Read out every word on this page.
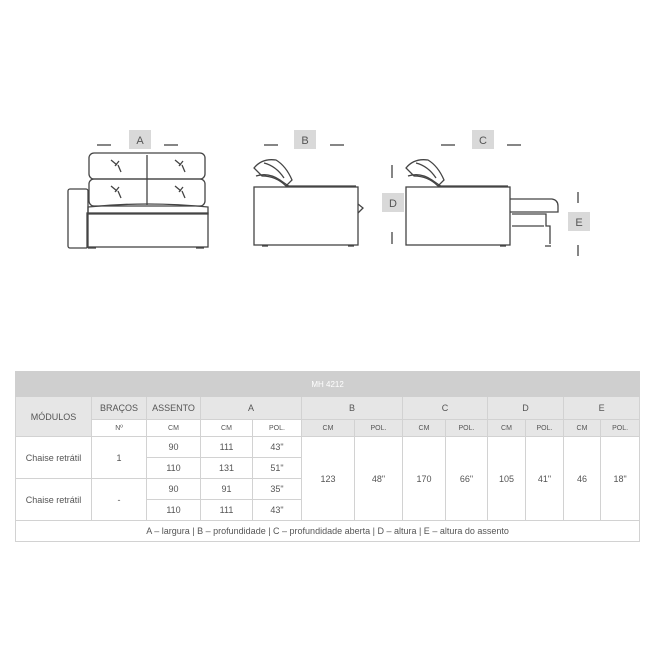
A	B	C
D
E
MH 4212												
MÓDULOS	BRAÇOS	ASSENTO	A		B		C		D		E	
	Nº	CM	CM	POL.	CM	POL.	CM	POL.	CM	POL.	CM	POL.
Chaise retrátil	1	90	111	43"	123	48"	170	66"	105	41"	46	18"
		110	131	51"								
Chaise retrátil	-	90	91	35"								
		110	111	43"								
A – largura | B – profundidade | C – profundidade aberta | D – altura | E – altura do assento												
